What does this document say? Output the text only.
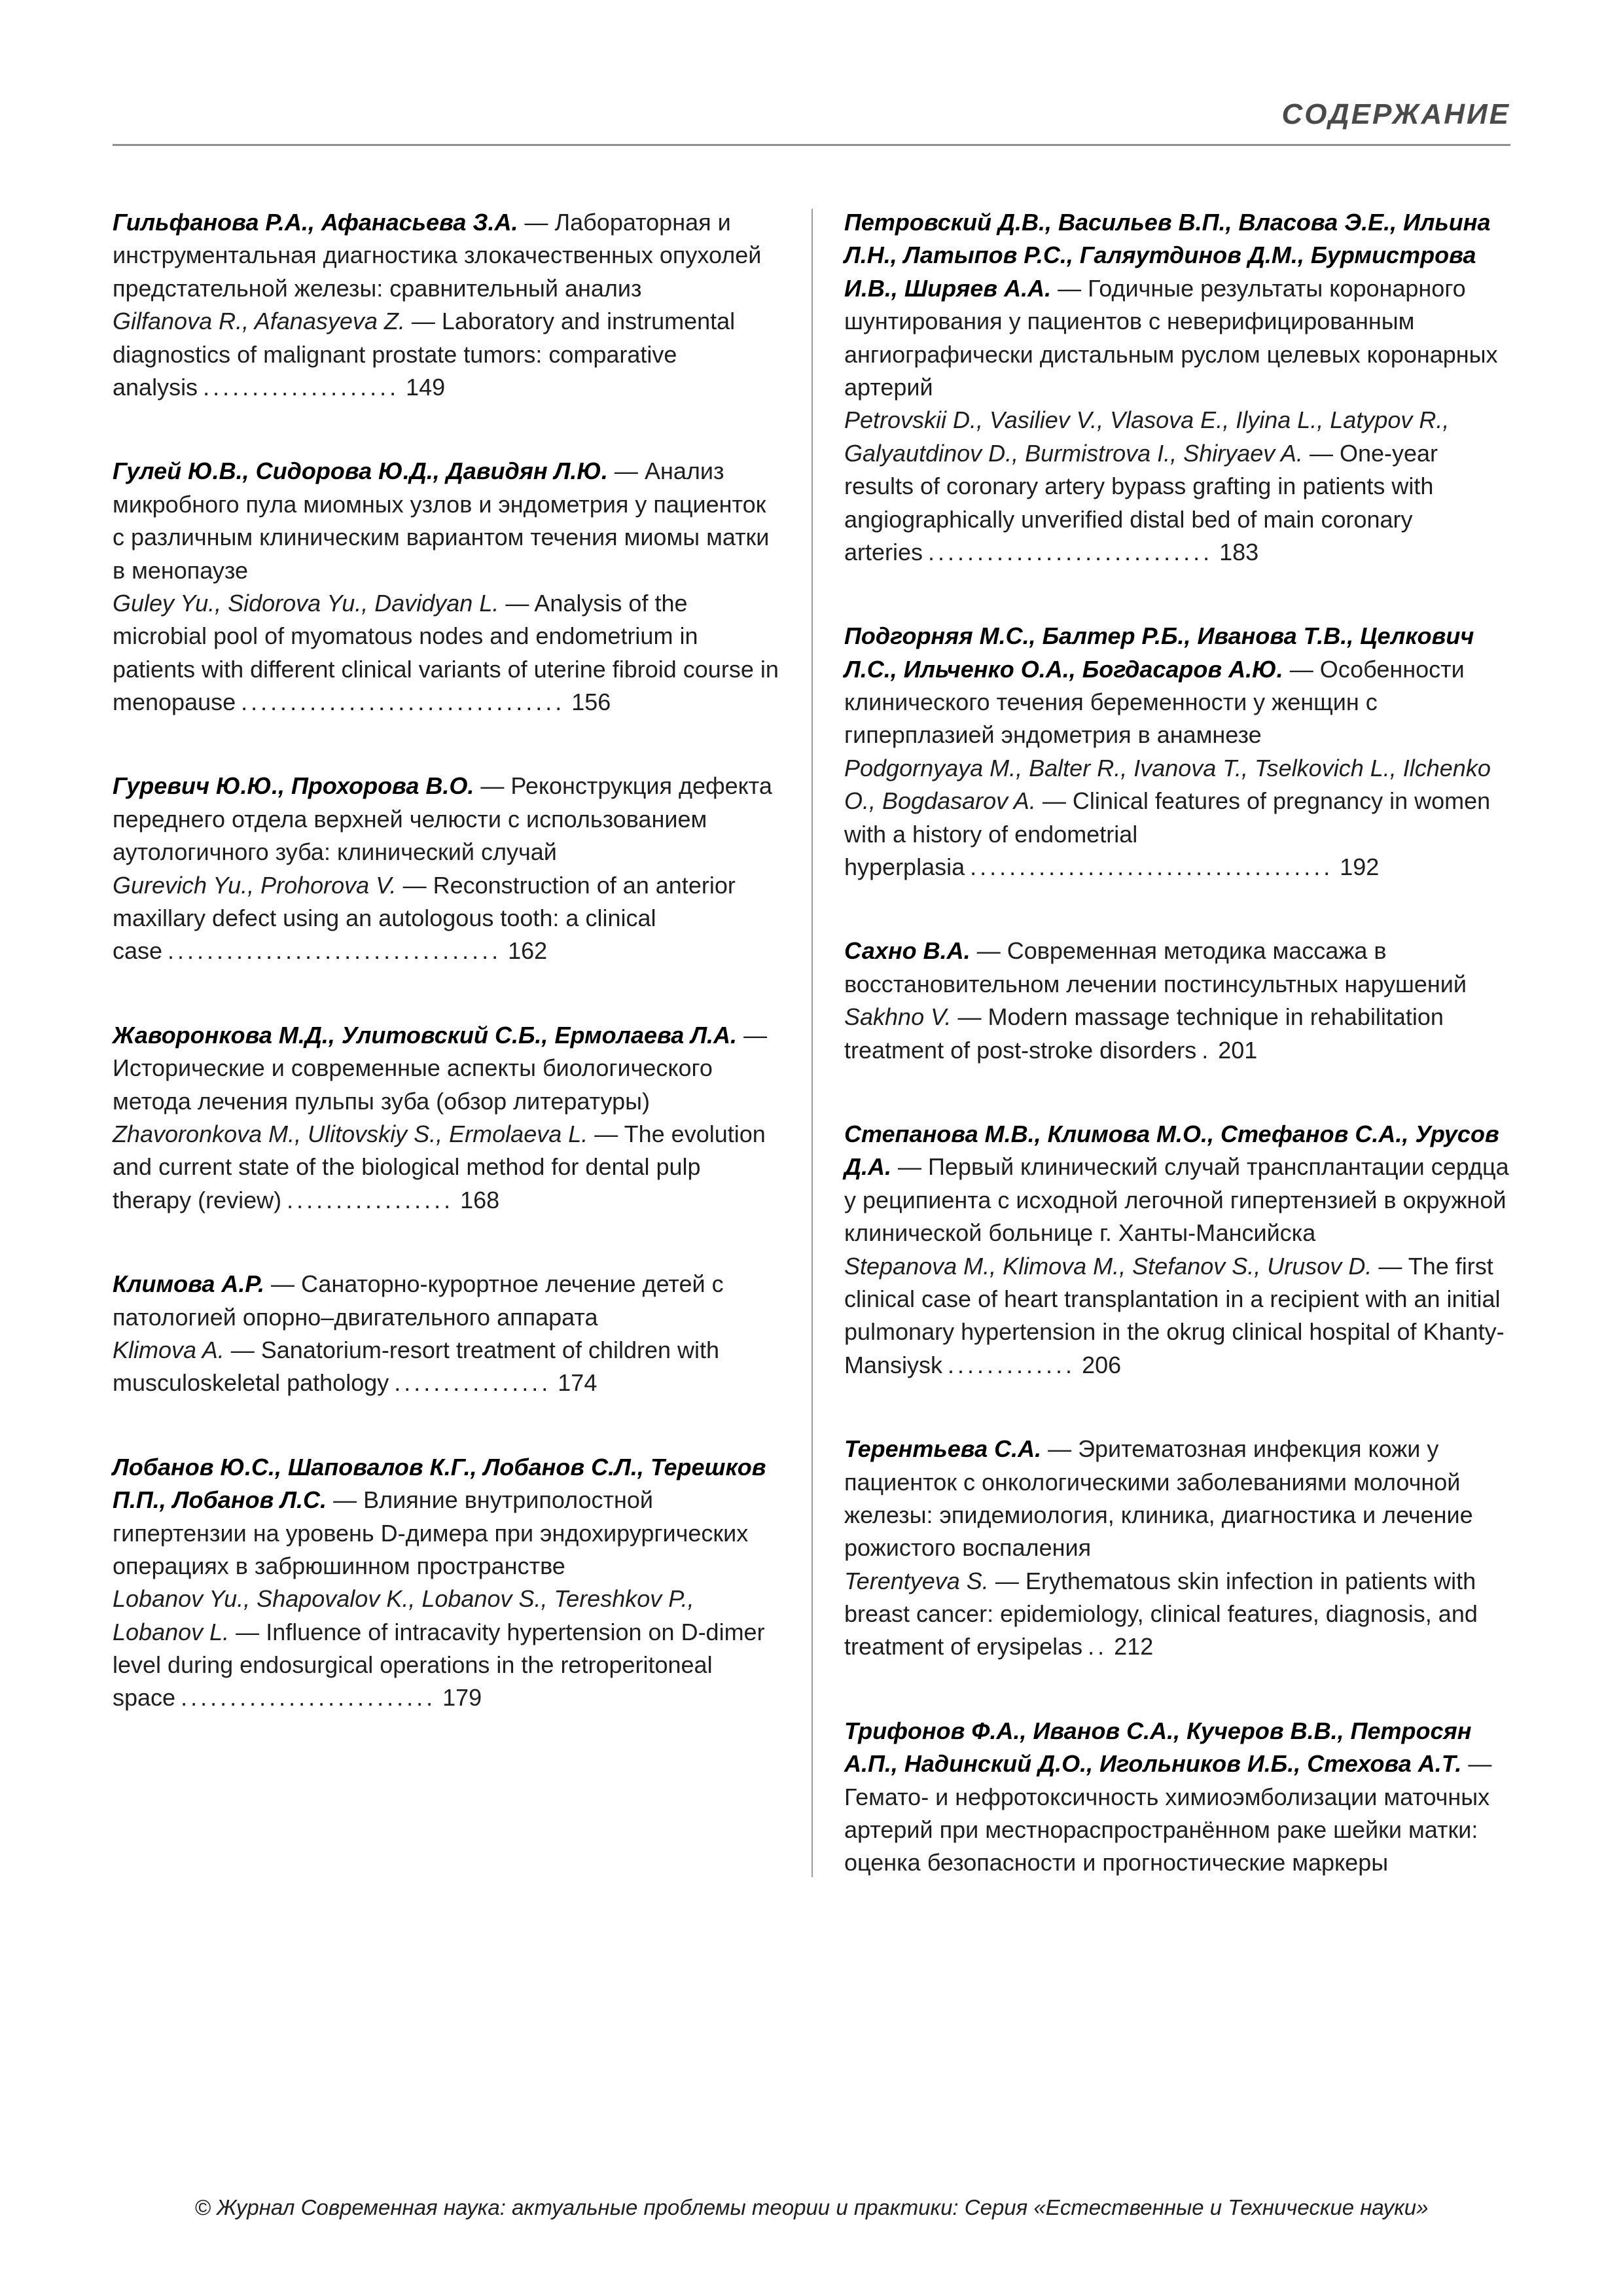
СОДЕРЖАНИЕ
Гильфанова Р.А., Афанасьева З.А. — Лабораторная и инструментальная диагностика злокачественных опухолей предстательной железы: сравнительный анализ
Gilfanova R., Afanasyeva Z. — Laboratory and instrumental diagnostics of malignant prostate tumors: comparative analysis .................... 149
Гулей Ю.В., Сидорова Ю.Д., Давидян Л.Ю. — Анализ микробного пула миомных узлов и эндометрия у пациенток с различным клиническим вариантом течения миомы матки в менопаузе
Guley Yu., Sidorova Yu., Davidyan L. — Analysis of the microbial pool of myomatous nodes and endometrium in patients with different clinical variants of uterine fibroid course in menopause ................................. 156
Гуревич Ю.Ю., Прохорова В.О. — Реконструкция дефекта переднего отдела верхней челюсти с использованием аутологичного зуба: клинический случай
Gurevich Yu., Prohorova V. — Reconstruction of an anterior maxillary defect using an autologous tooth: a clinical case .................................. 162
Жаворонкова М.Д., Улитовский С.Б., Ермолаева Л.А. — Исторические и современные аспекты биологического метода лечения пульпы зуба (обзор литературы)
Zhavoronkova M., Ulitovskiy S., Ermolaeva L. — The evolution and current state of the biological method for dental pulp therapy (review) ................. 168
Климова А.Р. — Санаторно-курортное лечение детей с патологией опорно–двигательного аппарата
Klimova A. — Sanatorium-resort treatment of children with musculoskeletal pathology ................ 174
Лобанов Ю.С., Шаповалов К.Г., Лобанов С.Л., Терешков П.П., Лобанов Л.С. — Влияние внутриполостной гипертензии на уровень D-димера при эндохирургических операциях в забрюшинном пространстве
Lobanov Yu., Shapovalov K., Lobanov S., Tereshkov P., Lobanov L. — Influence of intracavity hypertension on D-dimer level during endosurgical operations in the retroperitoneal space .......................... 179
Петровский Д.В., Васильев В.П., Власова Э.Е., Ильина Л.Н., Латыпов Р.С., Галяутдинов Д.М., Бурмистрова И.В., Ширяев А.А. — Годичные результаты коронарного шунтирования у пациентов с неверифицированным ангиографически дистальным руслом целевых коронарных артерий
Petrovskii D., Vasiliev V., Vlasova E., Ilyina L., Latypov R., Galyautdinov D., Burmistrova I., Shiryaev A. — One-year results of coronary artery bypass grafting in patients with angiographically unverified distal bed of main coronary arteries ............................. 183
Подгорняя М.С., Балтер Р.Б., Иванова Т.В., Целкович Л.С., Ильченко О.А., Богдасаров А.Ю. — Особенности клинического течения беременности у женщин с гиперплазией эндометрия в анамнезе
Podgornyaya M., Balter R., Ivanova T., Tselkovich L., Ilchenko O., Bogdasarov A. — Clinical features of pregnancy in women with a history of endometrial hyperplasia ..................................... 192
Сахно В.А. — Современная методика массажа в восстановительном лечении постинсультных нарушений
Sakhno V. — Modern massage technique in rehabilitation treatment of post-stroke disorders . 201
Степанова М.В., Климова М.О., Стефанов С.А., Урусов Д.А. — Первый клинический случай трансплантации сердца у реципиента с исходной легочной гипертензией в окружной клинической больнице г. Ханты-Мансийска
Stepanova M., Klimova M., Stefanov S., Urusov D. — The first clinical case of heart transplantation in a recipient with an initial pulmonary hypertension in the okrug clinical hospital of Khanty-Mansiysk ............. 206
Терентьева С.А. — Эритематозная инфекция кожи у пациенток с онкологическими заболеваниями молочной железы: эпидемиология, клиника, диагностика и лечение рожистого воспаления
Terentyeva S. — Erythematous skin infection in patients with breast cancer: epidemiology, clinical features, diagnosis, and treatment of erysipelas .. 212
Трифонов Ф.А., Иванов С.А., Кучеров В.В., Петросян А.П., Надинский Д.О., Игольников И.Б., Стехова А.Т. — Гемато- и нефротоксичность химиоэмболизации маточных артерий при местнораспространённом раке шейки матки: оценка безопасности и прогностические маркеры
© Журнал Современная наука: актуальные проблемы теории и практики: Серия «Естественные и Технические науки»
